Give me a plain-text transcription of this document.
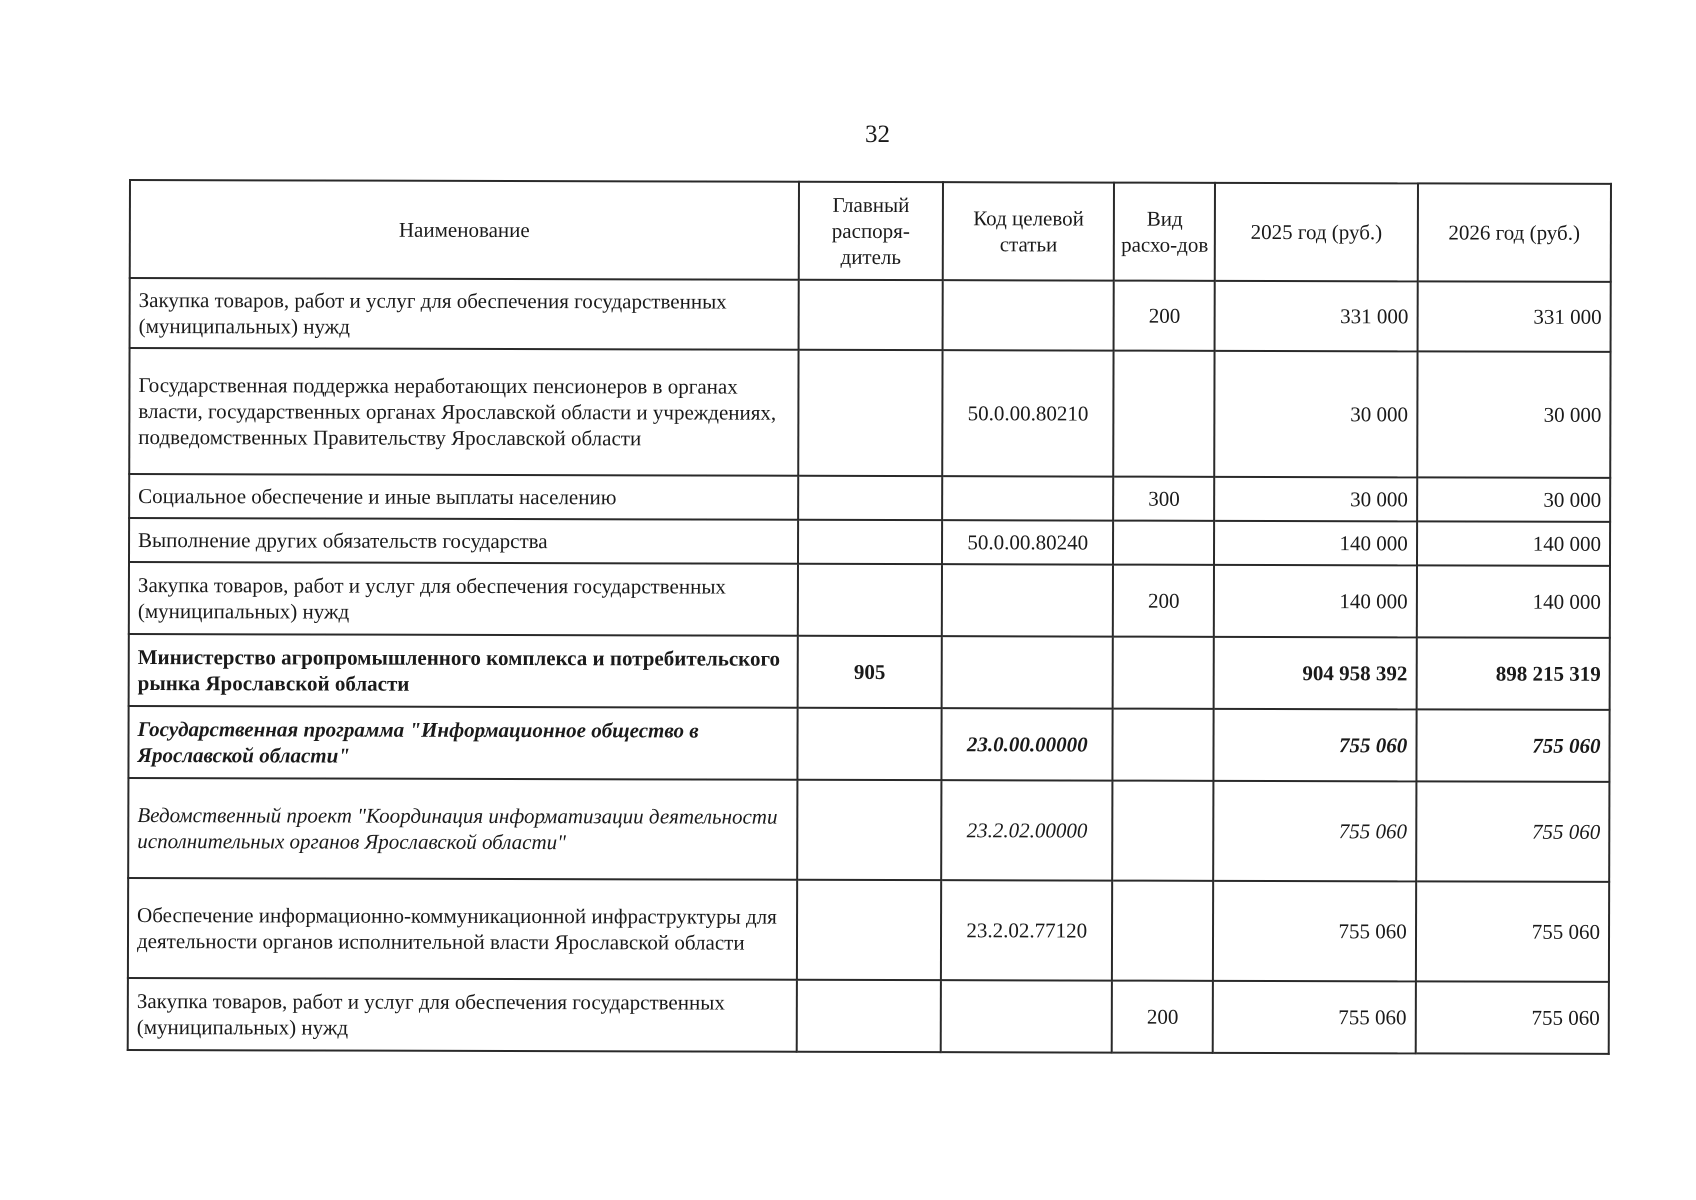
32
Наименование	Главный распоря-дитель	Код целевой статьи	Вид расхо-дов	2025 год (руб.)	2026 год (руб.)
Закупка товаров, работ и услуг для обеспечения государственных (муниципальных) нужд			200	331 000	331 000
Государственная поддержка неработающих пенсионеров в органах власти, государственных органах Ярославской области и учреждениях, подведомственных Правительству Ярославской области		50.0.00.80210		30 000	30 000
Социальное обеспечение и иные выплаты населению			300	30 000	30 000
Выполнение других обязательств государства		50.0.00.80240		140 000	140 000
Закупка товаров, работ и услуг для обеспечения государственных (муниципальных) нужд			200	140 000	140 000
Министерство агропромышленного комплекса и потребительского рынка Ярославской области	905			904 958 392	898 215 319
Государственная программа "Информационное общество в Ярославской области"		23.0.00.00000		755 060	755 060
Ведомственный проект "Координация информатизации деятельности исполнительных органов Ярославской области"		23.2.02.00000		755 060	755 060
Обеспечение информационно-коммуникационной инфраструктуры для деятельности органов исполнительной власти Ярославской области		23.2.02.77120		755 060	755 060
Закупка товаров, работ и услуг для обеспечения государственных (муниципальных) нужд			200	755 060	755 060
